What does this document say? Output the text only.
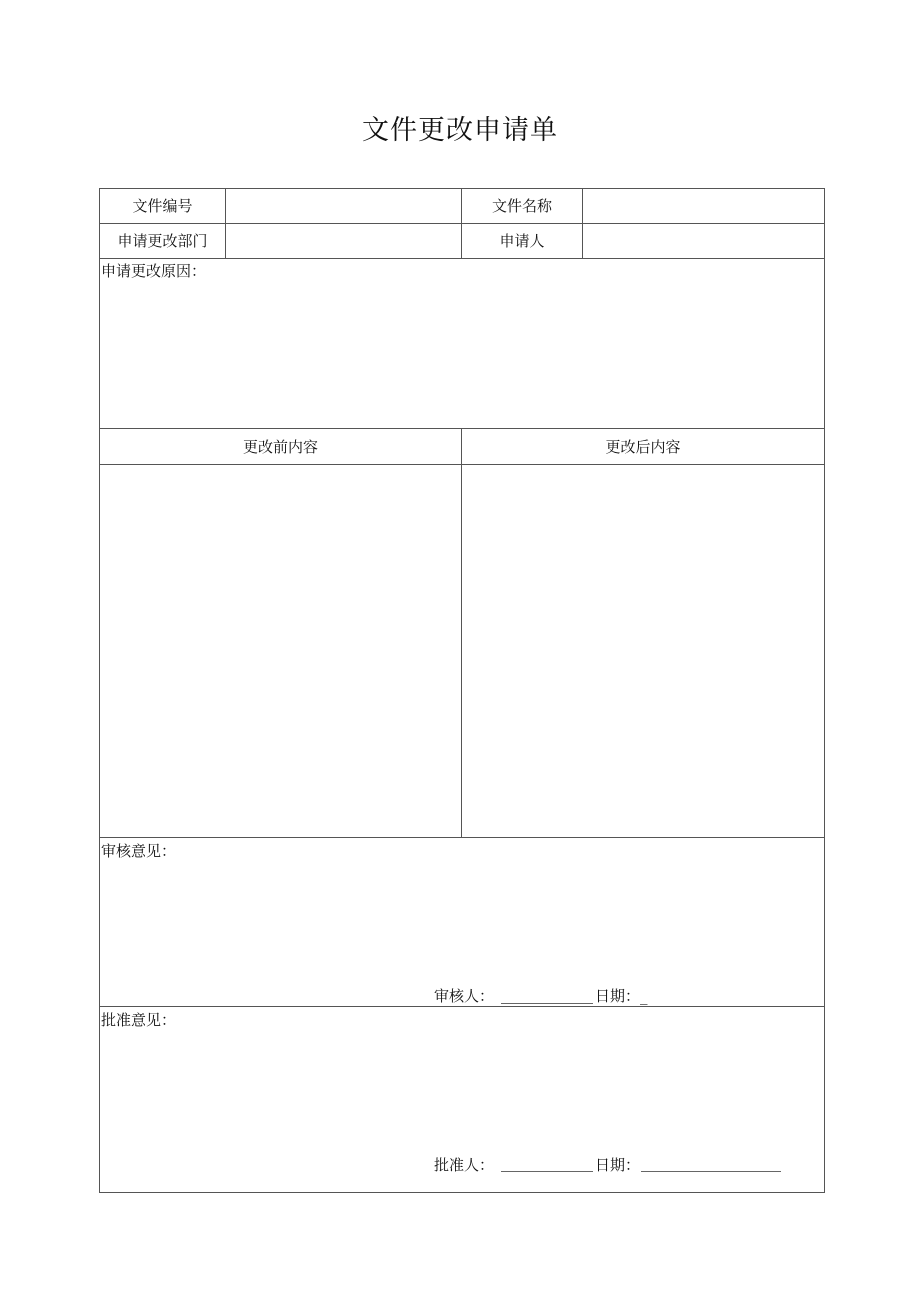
文件更改申请单
文件编号	文件名称
申请更改部门	申请人
申请更改原因：
更改前内容	更改后内容
审核意见：
审核人：	日期： _
批准意见：
批准人：	日期：
